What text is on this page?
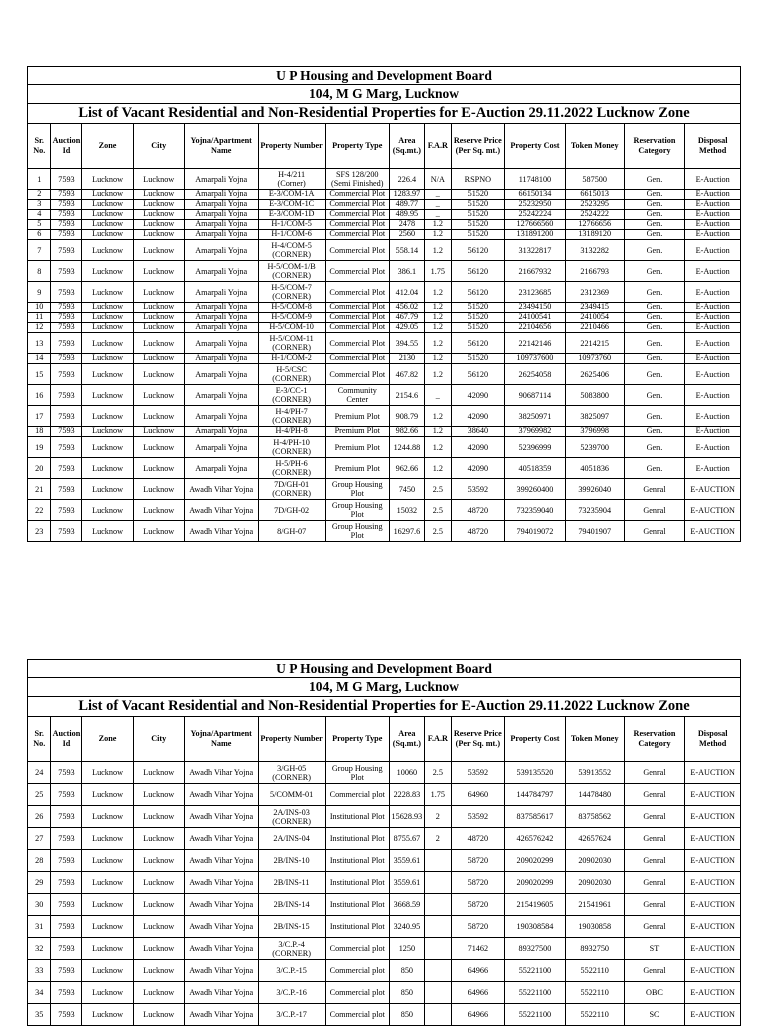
U P Housing and Development Board
104, M G Marg, Lucknow
List of Vacant Residential and Non-Residential Properties for E-Auction 29.11.2022 Lucknow Zone
Sr. No.	Auction Id	Zone	City	Yojna/Apartment Name	Property Number	Property Type	Area (Sq.mt.)	F.A.R	Reserve Price (Per Sq. mt.)	Property Cost	Token Money	Reservation Category	Disposal Method
1	7593	Lucknow	Lucknow	Amarpali Yojna	H-4/211
(Corner)	SFS 128/200
(Semi Finished)	226.4	N/A	RSPNO	11748100	587500	Gen.	E-Auction
2	7593	Lucknow	Lucknow	Amarpali Yojna	E-3/COM-1A	Commercial Plot	1283.97	_	51520	66150134	6615013	Gen.	E-Auction
3	7593	Lucknow	Lucknow	Amarpali Yojna	E-3/COM-1C	Commercial Plot	489.77	_	51520	25232950	2523295	Gen.	E-Auction
4	7593	Lucknow	Lucknow	Amarpali Yojna	E-3/COM-1D	Commercial Plot	489.95	_	51520	25242224	2524222	Gen.	E-Auction
5	7593	Lucknow	Lucknow	Amarpali Yojna	H-1/COM-5	Commercial Plot	2478	1.2	51520	127666560	12766656	Gen.	E-Auction
6	7593	Lucknow	Lucknow	Amarpali Yojna	H-1/COM-6	Commercial Plot	2560	1.2	51520	131891200	13189120	Gen.	E-Auction
7	7593	Lucknow	Lucknow	Amarpali Yojna	H-4/COM-5
(CORNER)	Commercial Plot	558.14	1.2	56120	31322817	3132282	Gen.	E-Auction
8	7593	Lucknow	Lucknow	Amarpali Yojna	H-5/COM-1/B
(CORNER)	Commercial Plot	386.1	1.75	56120	21667932	2166793	Gen.	E-Auction
9	7593	Lucknow	Lucknow	Amarpali Yojna	H-5/COM-7
(CORNER)	Commercial Plot	412.04	1.2	56120	23123685	2312369	Gen.	E-Auction
10	7593	Lucknow	Lucknow	Amarpali Yojna	H-5/COM-8	Commercial Plot	456.02	1.2	51520	23494150	2349415	Gen.	E-Auction
11	7593	Lucknow	Lucknow	Amarpali Yojna	H-5/COM-9	Commercial Plot	467.79	1.2	51520	24100541	2410054	Gen.	E-Auction
12	7593	Lucknow	Lucknow	Amarpali Yojna	H-5/COM-10	Commercial Plot	429.05	1.2	51520	22104656	2210466	Gen.	E-Auction
13	7593	Lucknow	Lucknow	Amarpali Yojna	H-5/COM-11
(CORNER)	Commercial Plot	394.55	1.2	56120	22142146	2214215	Gen.	E-Auction
14	7593	Lucknow	Lucknow	Amarpali Yojna	H-1/COM-2	Commercial Plot	2130	1.2	51520	109737600	10973760	Gen.	E-Auction
15	7593	Lucknow	Lucknow	Amarpali Yojna	H-5/CSC
(CORNER)	Commercial Plot	467.82	1.2	56120	26254058	2625406	Gen.	E-Auction
16	7593	Lucknow	Lucknow	Amarpali Yojna	E-3/CC-1
(CORNER)	Community
Center	2154.6	_	42090	90687114	5083800	Gen.	E-Auction
17	7593	Lucknow	Lucknow	Amarpali Yojna	H-4/PH-7
(CORNER)	Premium Plot	908.79	1.2	42090	38250971	3825097	Gen.	E-Auction
18	7593	Lucknow	Lucknow	Amarpali Yojna	H-4/PH-8	Premium Plot	982.66	1.2	38640	37969982	3796998	Gen.	E-Auction
19	7593	Lucknow	Lucknow	Amarpali Yojna	H-4/PH-10
(CORNER)	Premium Plot	1244.88	1.2	42090	52396999	5239700	Gen.	E-Auction
20	7593	Lucknow	Lucknow	Amarpali Yojna	H-5/PH-6
(CORNER)	Premium Plot	962.66	1.2	42090	40518359	4051836	Gen.	E-Auction
21	7593	Lucknow	Lucknow	Awadh Vihar Yojna	7D/GH-01
(CORNER)	Group Housing
Plot	7450	2.5	53592	399260400	39926040	Genral	E-AUCTION
22	7593	Lucknow	Lucknow	Awadh Vihar Yojna	7D/GH-02	Group Housing
Plot	15032	2.5	48720	732359040	73235904	Genral	E-AUCTION
23	7593	Lucknow	Lucknow	Awadh Vihar Yojna	8/GH-07	Group Housing
Plot	16297.6	2.5	48720	794019072	79401907	Genral	E-AUCTION
U P Housing and Development Board
104, M G Marg, Lucknow
List of Vacant Residential and Non-Residential Properties for E-Auction 29.11.2022 Lucknow Zone
Sr. No.	Auction Id	Zone	City	Yojna/Apartment Name	Property Number	Property Type	Area (Sq.mt.)	F.A.R	Reserve Price (Per Sq. mt.)	Property Cost	Token Money	Reservation Category	Disposal Method
24	7593	Lucknow	Lucknow	Awadh Vihar Yojna	3/GH-05
(CORNER)	Group Housing
Plot	10060	2.5	53592	539135520	53913552	Genral	E-AUCTION
25	7593	Lucknow	Lucknow	Awadh Vihar Yojna	5/COMM-01	Commercial plot	2228.83	1.75	64960	144784797	14478480	Genral	E-AUCTION
26	7593	Lucknow	Lucknow	Awadh Vihar Yojna	2A/INS-03
(CORNER)	Institutional Plot	15628.93	2	53592	837585617	83758562	Genral	E-AUCTION
27	7593	Lucknow	Lucknow	Awadh Vihar Yojna	2A/INS-04	Institutional Plot	8755.67	2	48720	426576242	42657624	Genral	E-AUCTION
28	7593	Lucknow	Lucknow	Awadh Vihar Yojna	2B/INS-10	Institutional Plot	3559.61		58720	209020299	20902030	Genral	E-AUCTION
29	7593	Lucknow	Lucknow	Awadh Vihar Yojna	2B/INS-11	Institutional Plot	3559.61		58720	209020299	20902030	Genral	E-AUCTION
30	7593	Lucknow	Lucknow	Awadh Vihar Yojna	2B/INS-14	Institutional Plot	3668.59		58720	215419605	21541961	Genral	E-AUCTION
31	7593	Lucknow	Lucknow	Awadh Vihar Yojna	2B/INS-15	Institutional Plot	3240.95		58720	190308584	19030858	Genral	E-AUCTION
32	7593	Lucknow	Lucknow	Awadh Vihar Yojna	3/C.P.-4
(CORNER)	Commercial plot	1250		71462	89327500	8932750	ST	E-AUCTION
33	7593	Lucknow	Lucknow	Awadh Vihar Yojna	3/C.P.-15	Commercial plot	850		64966	55221100	5522110	Genral	E-AUCTION
34	7593	Lucknow	Lucknow	Awadh Vihar Yojna	3/C.P.-16	Commercial plot	850		64966	55221100	5522110	OBC	E-AUCTION
35	7593	Lucknow	Lucknow	Awadh Vihar Yojna	3/C.P.-17	Commercial plot	850		64966	55221100	5522110	SC	E-AUCTION
